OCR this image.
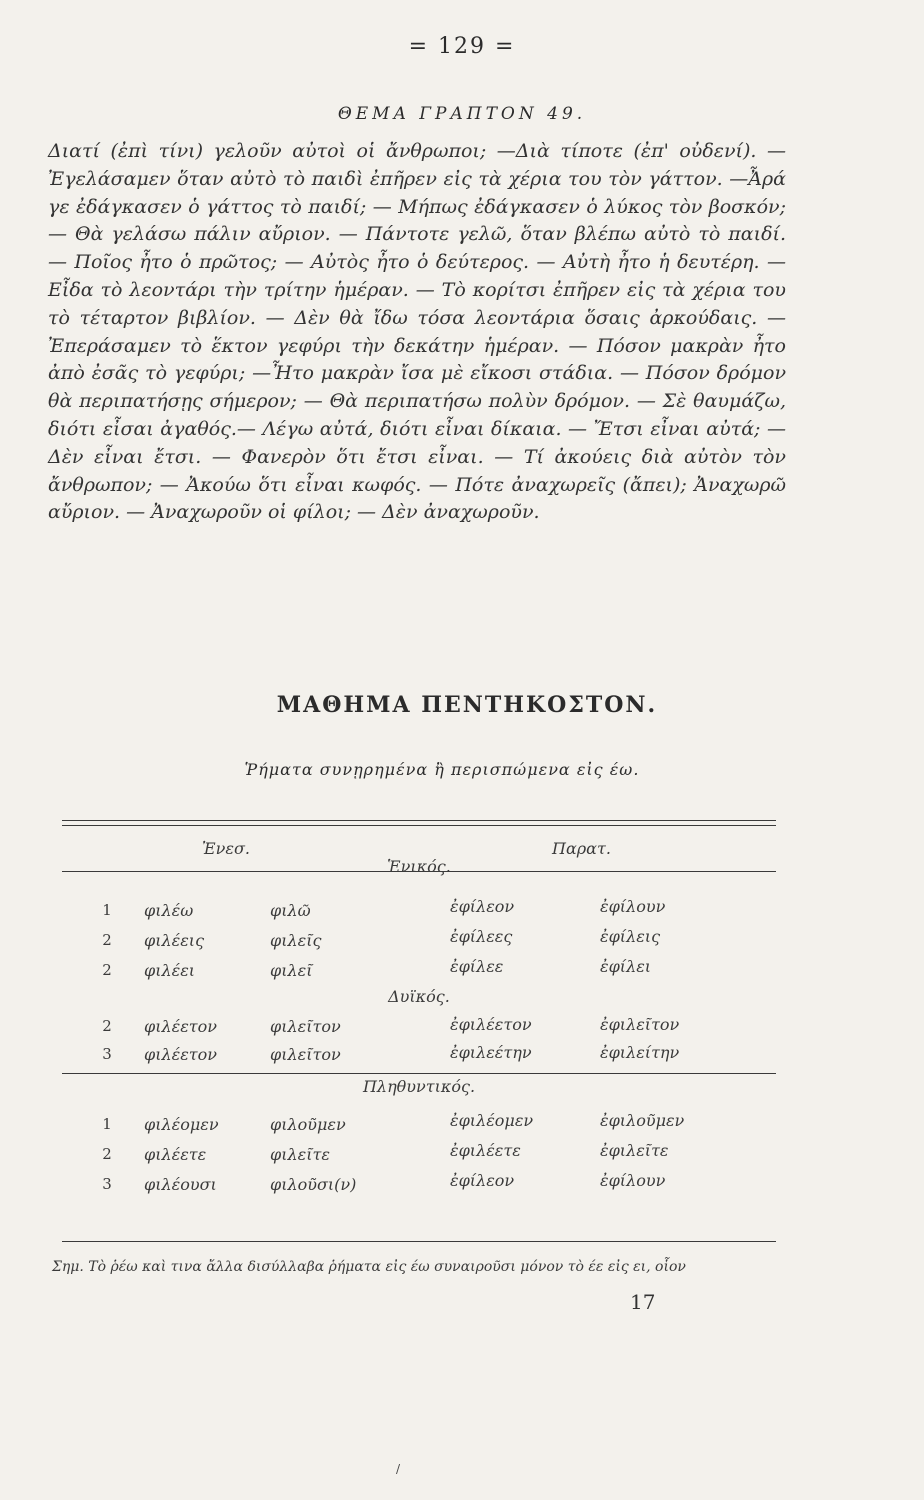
= 129 =
ΘΕΜΑ ΓΡΑΠΤΟΝ 49.
Διατί (ἐπὶ τίνι) γελοῦν αὐτοὶ οἱ ἄνθρωποι; —Διὰ τίποτε (ἐπ' οὐδενί). —Ἐγελάσαμεν ὅταν αὐτὸ τὸ παιδὶ ἐπῆρεν εἰς τὰ χέρια του τὸν γάττον. —Ἆρά γε ἐδάγκασεν ὁ γάττος τὸ παιδί; — Μήπως ἐδάγκασεν ὁ λύκος τὸν βοσκόν; — Θὰ γελάσω πάλιν αὔριον. — Πάντοτε γελῶ, ὅταν βλέπω αὐτὸ τὸ παιδί. — Ποῖος ἦτο ὁ πρῶτος; — Αὐτὸς ἦτο ὁ δεύτερος. — Αὐτὴ ἦτο ἡ δευτέρη. — Εἶδα τὸ λεοντάρι τὴν τρίτην ἡμέραν. — Τὸ κορίτσι ἐπῆρεν εἰς τὰ χέρια του τὸ τέταρτον βιβλίον. — Δὲν θὰ ἴδω τόσα λεοντάρια ὅσαις ἀρκούδαις. — Ἐπεράσαμεν τὸ ἕκτον γεφύρι τὴν δεκάτην ἡμέραν. — Πόσον μακρὰν ἦτο ἀπὸ ἐσᾶς τὸ γεφύρι; —Ἦτο μακρὰν ἴσα μὲ εἴκοσι στάδια. — Πόσον δρόμον θὰ περιπατήσῃς σήμερον; — Θὰ περιπατήσω πολὺν δρόμον. — Σὲ θαυμάζω, διότι εἶσαι ἀγαθός.— Λέγω αὐτά, διότι εἶναι δίκαια. — Ἔτσι εἶναι αὐτά; — Δὲν εἶναι ἔτσι. — Φανερὸν ὅτι ἔτσι εἶναι. — Τί ἀκούεις διὰ αὐτὸν τὸν ἄνθρωπον; — Ἀκούω ὅτι εἶναι κωφός. — Πότε ἀναχωρεῖς (ἄπει); Ἀναχωρῶ αὔριον. — Ἀναχωροῦν οἱ φίλοι; — Δὲν ἀναχωροῦν.
ΜΑΘΗΜΑ ΠΕΝΤΗΚΟΣΤΟΝ.
Ῥήματα συνῃρημένα ἢ περισπώμενα εἰς έω.
Ἐνεσ.	Παρατ.
Ἑνικός.
1 φιλέω	φιλῶ	ἐφίλεον	ἐφίλουν
2 φιλέεις	φιλεῖς	ἐφίλεες	ἐφίλεις
2 φιλέει	φιλεῖ	ἐφίλεε	ἐφίλει
Δυϊκός.
2 φιλέετον	φιλεῖτον	ἐφιλέετον	ἐφιλεῖτον
3 φιλέετον	φιλεῖτον	ἐφιλεέτην	ἐφιλείτην
Πληθυντικός.
1 φιλέομεν	φιλοῦμεν	ἐφιλέομεν	ἐφιλοῦμεν
2 φιλέετε	φιλεῖτε	ἐφιλέετε	ἐφιλεῖτε
3 φιλέουσι	φιλοῦσι(ν)	ἐφίλεον	ἐφίλουν
Σημ. Τὸ ῥέω καὶ τινα ἄλλα δισύλλαβα ῥήματα εἰς έω συναιροῦσι μόνον τὸ έε εἰς ει, οἷον
17
/
